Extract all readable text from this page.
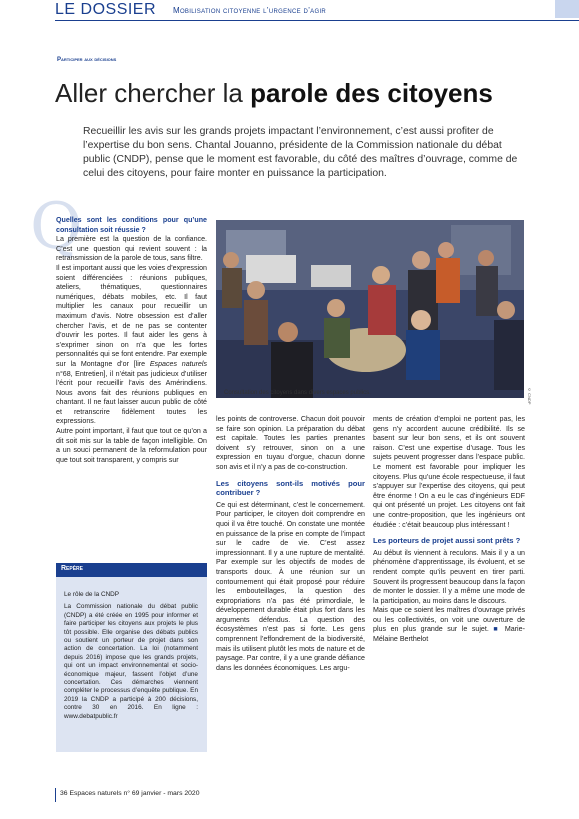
LE DOSSIER Mobilisation citoyenne l’urgence d’agir
Participer aux décisions
Aller chercher la parole des citoyens
Recueillir les avis sur les grands projets impactant l’environnement, c’est aussi profiter de l’expertise du bon sens. Chantal Jouanno, présidente de la Commission nationale du débat public (CNDP), pense que le moment est favorable, du côté des maîtres d’ouvrage, comme de celui des citoyens, pour faire monter en puissance la participation.
Q

Quelles sont les conditions pour qu’une consultation soit réussie ?

La première est la question de la confiance. C’est une question qui revient souvent : la retransmission de la parole de tous, sans filtre.

Il est important aussi que les voies d’expression soient différenciées : réunions publiques, ateliers, thématiques, questionnaires numériques, débats mobiles, etc. Il faut multiplier les canaux pour recueillir un maximum d’avis. Notre obsession est d’aller chercher l’avis, et de ne pas se contenter d’ouvrir les portes. Il faut aider les gens à s’exprimer sinon on n’a que les fortes personnalités qui se font entendre. Par exemple sur la Montagne d’or [lire Espaces naturels n°68, Entretien], il n’était pas judicieux d’utiliser l’écrit pour recueillir l’avis des Amérindiens. Nous avons fait des réunions publiques en chantant. Il ne faut laisser aucun public de côté et retranscrire fidèlement toutes les expressions.

Autre point important, il faut que tout ce qu’on a dit soit mis sur la table de façon intelligible. On a un souci permanent de la reformulation pour que tout soit transparent, y compris sur

Consultation des citoyens dans divers espaces publics.	© CNDP

les points de controverse. Chacun doit pouvoir se faire son opinion. La préparation du débat est capitale. Toutes les parties prenantes doivent s’y retrouver, sinon on a une expression en tuyau d’orgue, chacun donne son avis et il n’y a pas de co-construction.

Les citoyens sont-ils motivés pour contribuer ?

Ce qui est déterminant, c’est le concernement. Pour participer, le citoyen doit comprendre en quoi il va être touché. On constate une montée en puissance de la prise en compte de l’impact sur le cadre de vie. C’est assez impressionnant. Il y a une rupture de mentalité. Par exemple sur les objectifs de modes de transports doux. À une réunion sur un contournement qui était proposé pour réduire les embouteillages, la question des expropriations n’a pas été primordiale, le développement durable était plus fort dans les arguments défendus. La question des écosystèmes n’est pas si forte. Les gens comprennent l’effondrement de la biodiversité, mais ils utilisent plutôt les mots de nature et de paysage. Par contre, il y a une grande défiance dans les données économiques. Les argu-

ments de création d’emploi ne portent pas, les gens n’y accordent aucune crédibilité. Ils se basent sur leur bon sens, et ils ont souvent raison. C’est une expertise d’usage. Tous les sujets peuvent progresser dans l’espace public. Le moment est favorable pour impliquer les citoyens. Plus qu’une école respectueuse, il faut s’appuyer sur l’expertise des citoyens, qui peut être énorme ! On a eu le cas d’ingénieurs EDF qui ont présenté un projet. Les citoyens ont fait une contre-proposition, que les ingénieurs ont étudiée : c’était beaucoup plus intéressant !

Les porteurs de projet aussi sont prêts ?

Au début ils viennent à reculons. Mais il y a un phénomène d’apprentissage, ils évoluent, et se rendent compte qu’ils peuvent en tirer parti. Souvent ils progressent beaucoup dans la façon de monter le dossier. Il y a même une mode de la participation, au moins dans le discours.

Mais que ce soient les maîtres d’ouvrage privés ou les collectivités, on voit une ouverture de plus en plus grande sur le sujet. ■ Marie-Mélaine Berthelot

Repère
Le rôle de la CNDP
La Commission nationale du débat public (CNDP) a été créée en 1995 pour informer et faire participer les citoyens aux projets le plus tôt possible. Elle organise des débats publics ou soutient un porteur de projet dans son action de concertation. La loi (notamment depuis 2016) impose que les grands projets, qui ont un impact environnemental et socio-économique majeur, fassent l’objet d’une concertation. Ces démarches viennent compléter le processus d’enquête publique. En 2019 la CNDP a participé à 200 décisions, contre 30 en 2016. En ligne : www.debatpublic.fr
36 Espaces naturels n° 69 janvier - mars 2020
